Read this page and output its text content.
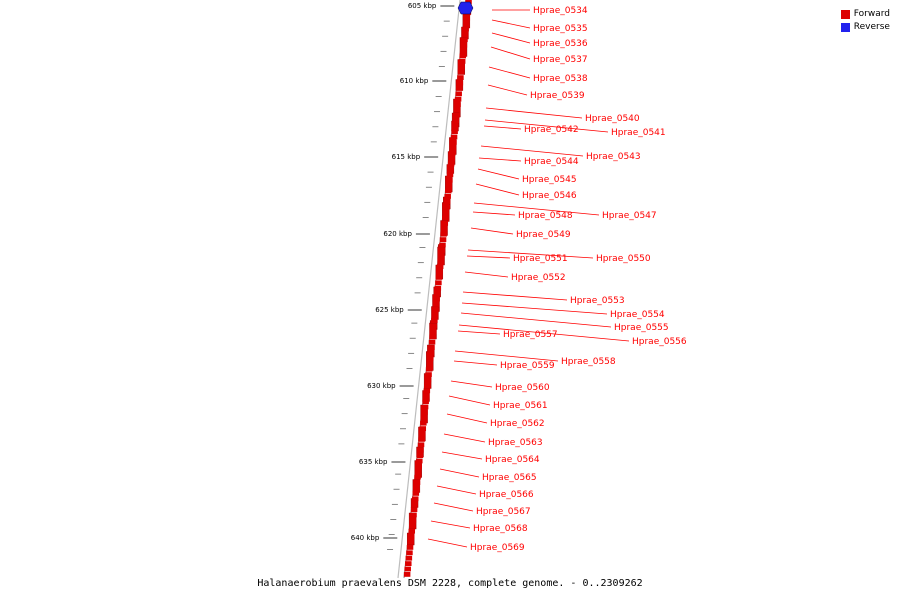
605 kbp
610 kbp
615 kbp
620 kbp
625 kbp
630 kbp
635 kbp
640 kbp
Hprae_0534
Hprae_0535
Hprae_0536
Hprae_0537
Hprae_0538
Hprae_0539
Hprae_0540
Hprae_0541
Hprae_0542
Hprae_0543
Hprae_0544
Hprae_0545
Hprae_0546
Hprae_0547
Hprae_0548
Hprae_0549
Hprae_0550
Hprae_0551
Hprae_0552
Hprae_0553
Hprae_0554
Hprae_0555
Hprae_0556
Hprae_0557
Hprae_0558
Hprae_0559
Hprae_0560
Hprae_0561
Hprae_0562
Hprae_0563
Hprae_0564
Hprae_0565
Hprae_0566
Hprae_0567
Hprae_0568
Hprae_0569
Forward
Reverse
Halanaerobium praevalens DSM 2228, complete genome. - 0..2309262
